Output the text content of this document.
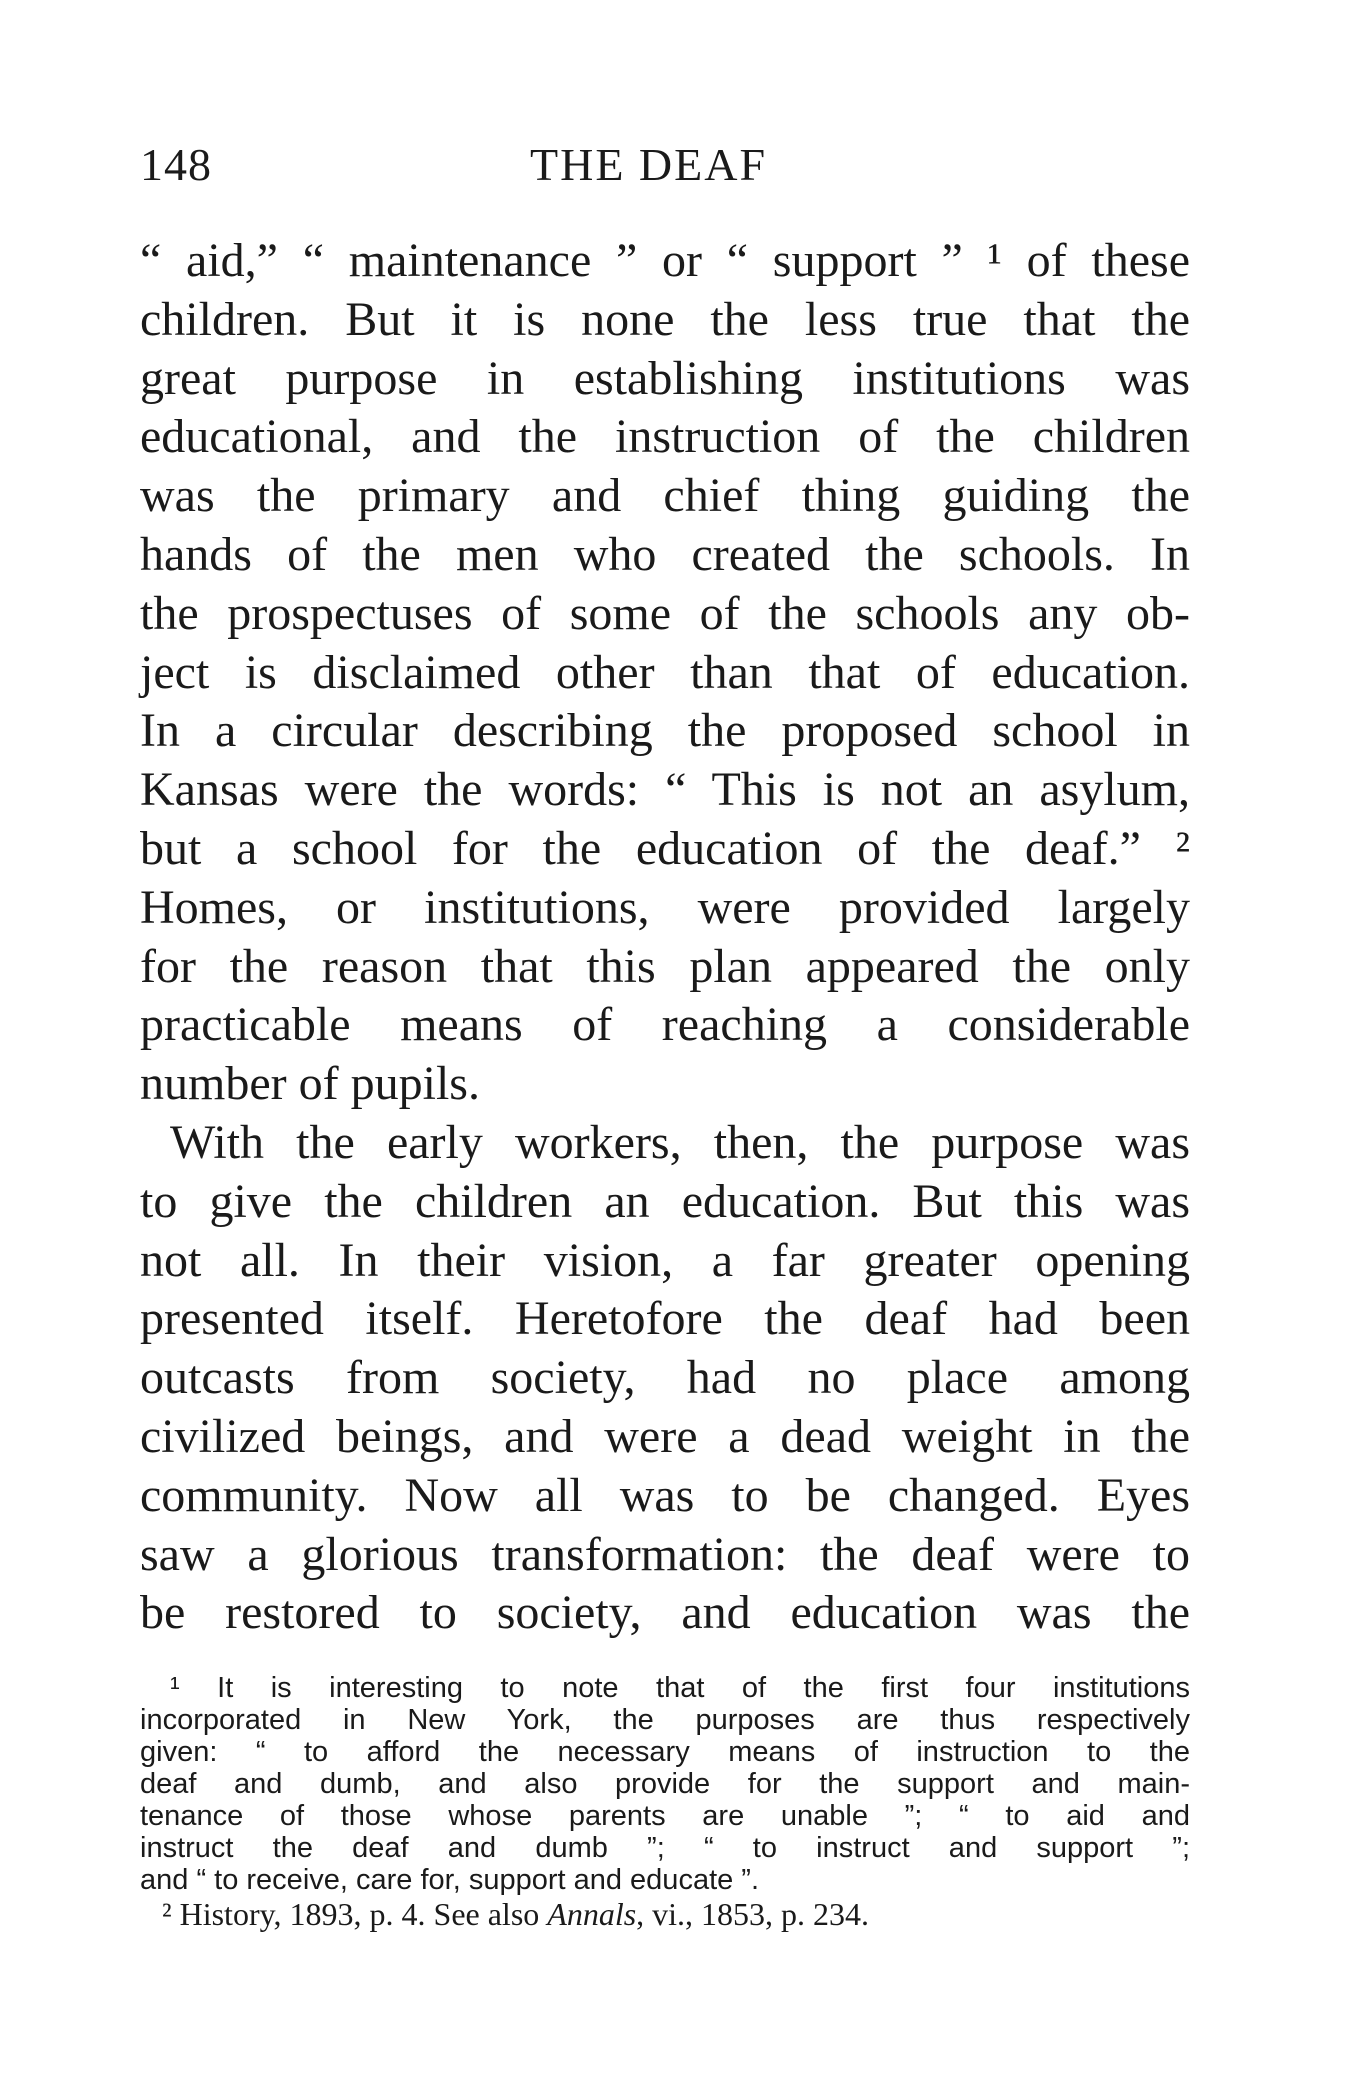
148	THE DEAF
“ aid,” “ maintenance ” or “ support ” ¹ of these
children. But it is none the less true that the
great purpose in establishing institutions was
educational, and the instruction of the children
was the primary and chief thing guiding the
hands of the men who created the schools. In
the prospectuses of some of the schools any ob-
ject is disclaimed other than that of education.
In a circular describing the proposed school in
Kansas were the words: “ This is not an asylum,
but a school for the education of the deaf.” ²
Homes, or institutions, were provided largely
for the reason that this plan appeared the only
practicable means of reaching a considerable
number of pupils.
With the early workers, then, the purpose was
to give the children an education. But this was
not all. In their vision, a far greater opening
presented itself. Heretofore the deaf had been
outcasts from society, had no place among
civilized beings, and were a dead weight in the
community. Now all was to be changed. Eyes
saw a glorious transformation: the deaf were to
be restored to society, and education was the
¹ It is interesting to note that of the first four institutions
incorporated in New York, the purposes are thus respectively
given: “ to afford the necessary means of instruction to the
deaf and dumb, and also provide for the support and main-
tenance of those whose parents are unable ”; “ to aid and
instruct the deaf and dumb ”; “ to instruct and support ”;
and “ to receive, care for, support and educate ”.
² History, 1893, p. 4. See also Annals, vi., 1853, p. 234.
